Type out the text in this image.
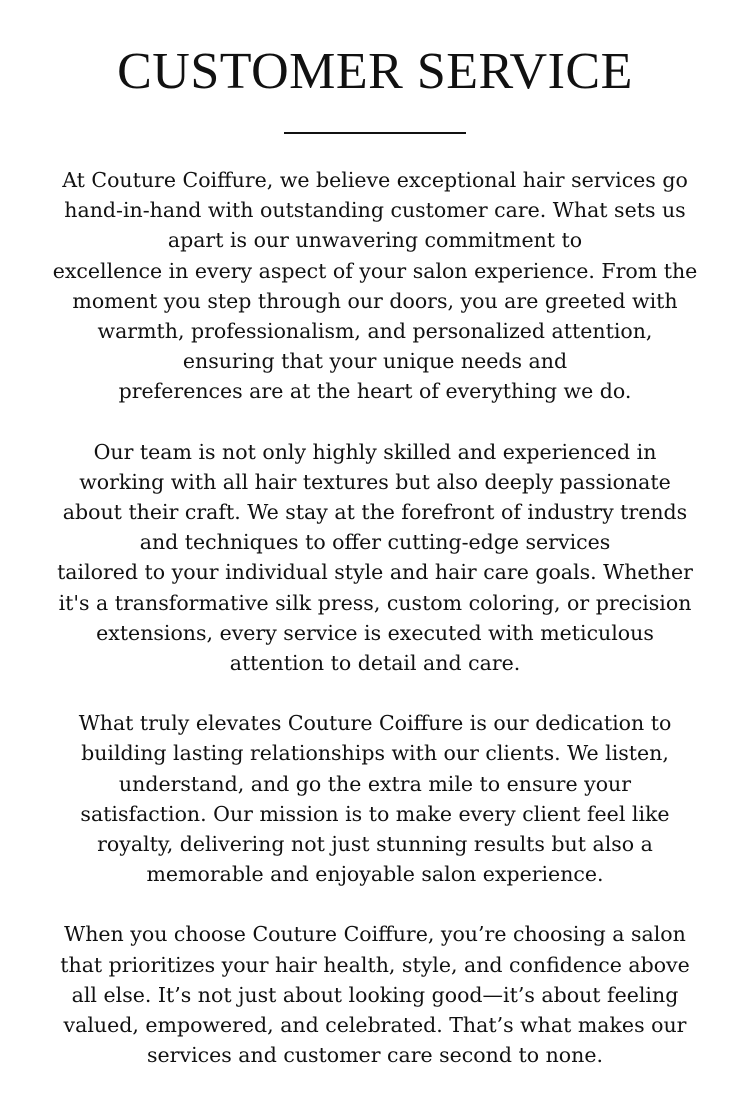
CUSTOMER SERVICE

At Couture Coiffure, we believe exceptional hair services go
hand-in-hand with outstanding customer care. What sets us
apart is our unwavering commitment to
excellence in every aspect of your salon experience. From the
moment you step through our doors, you are greeted with
warmth, professionalism, and personalized attention,
ensuring that your unique needs and
preferences are at the heart of everything we do.

Our team is not only highly skilled and experienced in
working with all hair textures but also deeply passionate
about their craft. We stay at the forefront of industry trends
and techniques to offer cutting-edge services
tailored to your individual style and hair care goals. Whether
it's a transformative silk press, custom coloring, or precision
extensions, every service is executed with meticulous
attention to detail and care.

What truly elevates Couture Coiffure is our dedication to
building lasting relationships with our clients. We listen,
understand, and go the extra mile to ensure your
satisfaction. Our mission is to make every client feel like
royalty, delivering not just stunning results but also a
memorable and enjoyable salon experience.

When you choose Couture Coiffure, you’re choosing a salon
that prioritizes your hair health, style, and confidence above
all else. It’s not just about looking good—it’s about feeling
valued, empowered, and celebrated. That’s what makes our
services and customer care second to none.
